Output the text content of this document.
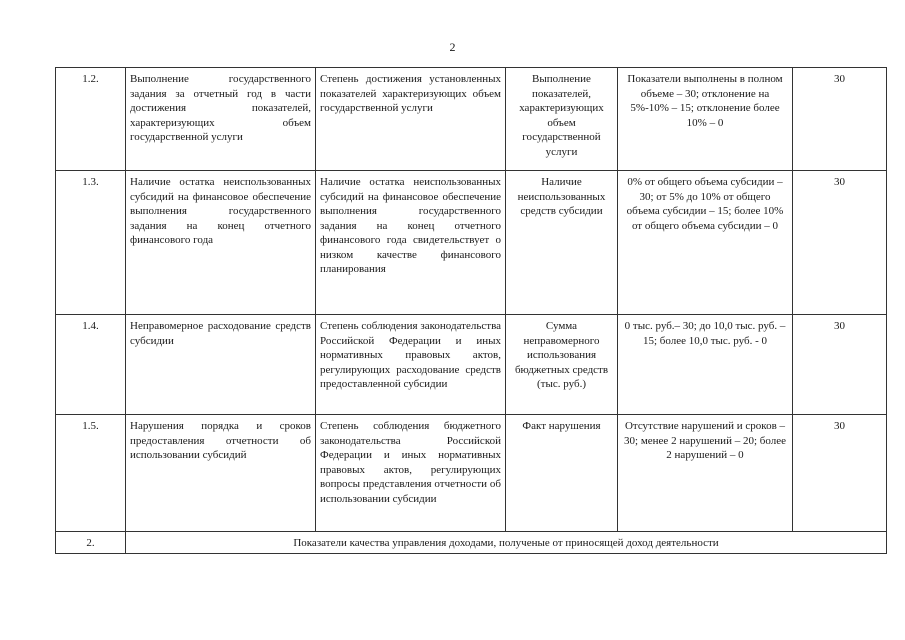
2
1.2.	Выполнение государственного задания за отчетный год в части достижения показателей, характеризующих объем государственной услуги	Степень достижения установленных показателей характеризующих объем государственной услуги	Выполнение показателей, характеризующих объем государственной услуги	Показатели выполнены в полном объеме – 30; отклонение на 5%-10% – 15; отклонение более 10% – 0	30
1.3.	Наличие остатка неиспользованных субсидий на финансовое обеспечение выполнения государственного задания на конец отчетного финансового года	Наличие остатка неиспользованных субсидий на финансовое обеспечение выполнения государственного задания на конец отчетного финансового года свидетельствует о низком качестве финансового планирования	Наличие неиспользованных средств субсидии	0% от общего объема субсидии – 30; от 5% до 10% от общего объема субсидии – 15; более 10% от общего объема субсидии – 0	30
1.4.	Неправомерное расходование средств субсидии	Степень соблюдения законодательства Российской Федерации и иных нормативных правовых актов, регулирующих расходование средств предоставленной субсидии	Сумма неправомерного использования бюджетных средств (тыс. руб.)	0 тыс. руб.– 30; до 10,0 тыс. руб. – 15; более 10,0 тыс. руб. - 0	30
1.5.	Нарушения порядка и сроков предоставления отчетности об использовании субсидий	Степень соблюдения бюджетного законодательства Российской Федерации и иных нормативных правовых актов, регулирующих вопросы представления отчетности об использовании субсидии	Факт нарушения	Отсутствие нарушений и сроков – 30; менее 2 нарушений – 20; более 2 нарушений – 0	30
2.	Показатели качества управления доходами, полученые от приносящей доход деятельности				
